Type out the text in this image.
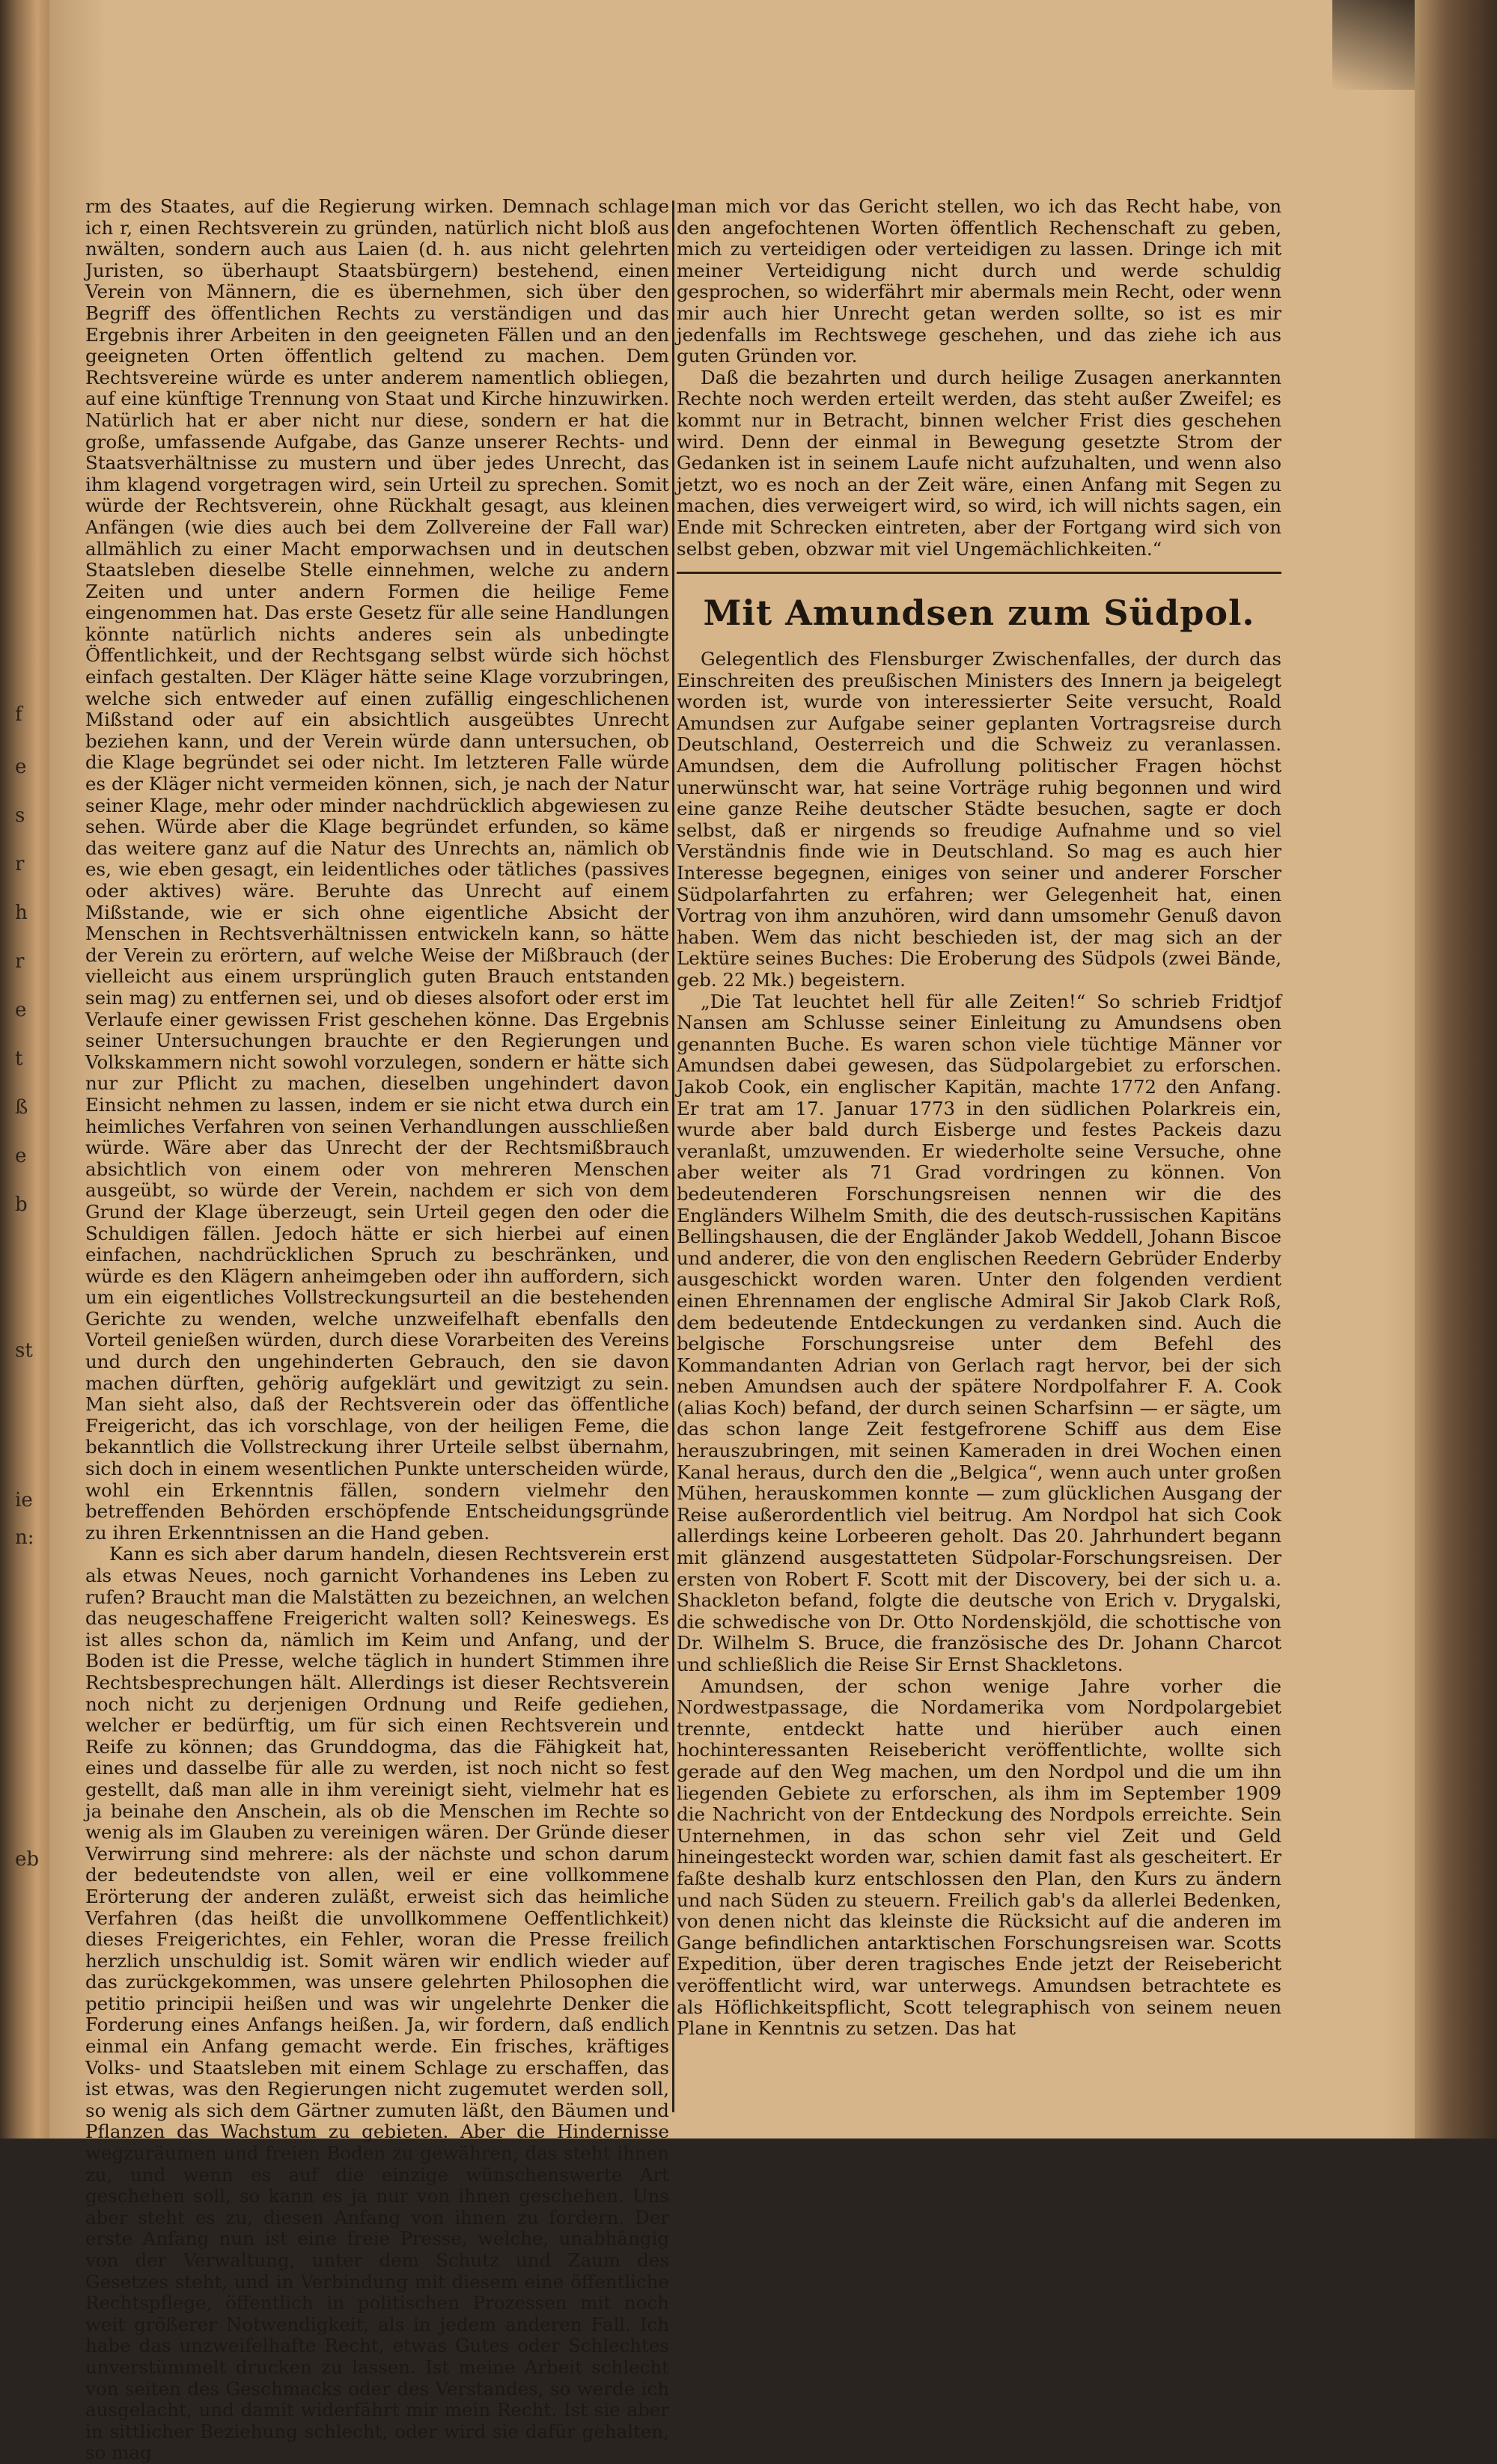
f
e
s
r
h
r
e
t
ß
e
b
st
ie
n:
eb

rm des Staates, auf die Regierung wirken. Demnach schlage ich r, einen Rechtsverein zu gründen, natürlich nicht bloß aus nwälten, sondern auch aus Laien (d. h. aus nicht gelehrten Juristen, so überhaupt Staatsbürgern) bestehend, einen Verein von Männern, die es übernehmen, sich über den Begriff des öffentlichen Rechts zu verständigen und das Ergebnis ihrer Arbeiten in den geeigneten Fällen und an den geeigneten Orten öffentlich geltend zu machen. Dem Rechtsvereine würde es unter anderem namentlich obliegen, auf eine künftige Trennung von Staat und Kirche hinzuwirken. Natürlich hat er aber nicht nur diese, sondern er hat die große, umfassende Aufgabe, das Ganze unserer Rechts- und Staatsverhältnisse zu mustern und über jedes Unrecht, das ihm klagend vorgetragen wird, sein Urteil zu sprechen. Somit würde der Rechtsverein, ohne Rückhalt gesagt, aus kleinen Anfängen (wie dies auch bei dem Zollvereine der Fall war) allmählich zu einer Macht emporwachsen und in deutschen Staatsleben dieselbe Stelle einnehmen, welche zu andern Zeiten und unter andern Formen die heilige Feme eingenommen hat. Das erste Gesetz für alle seine Handlungen könnte natürlich nichts anderes sein als unbedingte Öffentlichkeit, und der Rechtsgang selbst würde sich höchst einfach gestalten. Der Kläger hätte seine Klage vorzubringen, welche sich entweder auf einen zufällig eingeschlichenen Mißstand oder auf ein absichtlich ausgeübtes Unrecht beziehen kann, und der Verein würde dann untersuchen, ob die Klage begründet sei oder nicht. Im letzteren Falle würde es der Kläger nicht vermeiden können, sich, je nach der Natur seiner Klage, mehr oder minder nachdrücklich abgewiesen zu sehen. Würde aber die Klage begründet erfunden, so käme das weitere ganz auf die Natur des Unrechts an, nämlich ob es, wie eben gesagt, ein leidentliches oder tätliches (passives oder aktives) wäre. Beruhte das Unrecht auf einem Mißstande, wie er sich ohne eigentliche Absicht der Menschen in Rechtsverhältnissen entwickeln kann, so hätte der Verein zu erörtern, auf welche Weise der Mißbrauch (der vielleicht aus einem ursprünglich guten Brauch entstanden sein mag) zu entfernen sei, und ob dieses alsofort oder erst im Verlaufe einer gewissen Frist geschehen könne. Das Ergebnis seiner Untersuchungen brauchte er den Regierungen und Volkskammern nicht sowohl vorzulegen, sondern er hätte sich nur zur Pflicht zu machen, dieselben ungehindert davon Einsicht nehmen zu lassen, indem er sie nicht etwa durch ein heimliches Verfahren von seinen Verhandlungen ausschließen würde. Wäre aber das Unrecht der der Rechtsmißbrauch absichtlich von einem oder von mehreren Menschen ausgeübt, so würde der Verein, nachdem er sich von dem Grund der Klage überzeugt, sein Urteil gegen den oder die Schuldigen fällen. Jedoch hätte er sich hierbei auf einen einfachen, nachdrücklichen Spruch zu beschränken, und würde es den Klägern anheimgeben oder ihn auffordern, sich um ein eigentliches Vollstreckungsurteil an die bestehenden Gerichte zu wenden, welche unzweifelhaft ebenfalls den Vorteil genießen würden, durch diese Vorarbeiten des Vereins und durch den ungehinderten Gebrauch, den sie davon machen dürften, gehörig aufgeklärt und gewitzigt zu sein. Man sieht also, daß der Rechtsverein oder das öffentliche Freigericht, das ich vorschlage, von der heiligen Feme, die bekanntlich die Vollstreckung ihrer Urteile selbst übernahm, sich doch in einem wesentlichen Punkte unterscheiden würde, wohl ein Erkenntnis fällen, sondern vielmehr den betreffenden Behörden erschöpfende Entscheidungsgründe zu ihren Erkenntnissen an die Hand geben.

Kann es sich aber darum handeln, diesen Rechtsverein erst als etwas Neues, noch garnicht Vorhandenes ins Leben zu rufen? Braucht man die Malstätten zu bezeichnen, an welchen das neugeschaffene Freigericht walten soll? Keineswegs. Es ist alles schon da, nämlich im Keim und Anfang, und der Boden ist die Presse, welche täglich in hundert Stimmen ihre Rechtsbesprechungen hält. Allerdings ist dieser Rechtsverein noch nicht zu derjenigen Ordnung und Reife gediehen, welcher er bedürftig, um für sich einen Rechtsverein und Reife zu können; das Grunddogma, das die Fähigkeit hat, eines und dasselbe für alle zu werden, ist noch nicht so fest gestellt, daß man alle in ihm vereinigt sieht, vielmehr hat es ja beinahe den Anschein, als ob die Menschen im Rechte so wenig als im Glauben zu vereinigen wären. Der Gründe dieser Verwirrung sind mehrere: als der nächste und schon darum der bedeutendste von allen, weil er eine vollkommene Erörterung der anderen zuläßt, erweist sich das heimliche Verfahren (das heißt die unvollkommene Oeffentlichkeit) dieses Freigerichtes, ein Fehler, woran die Presse freilich herzlich unschuldig ist. Somit wären wir endlich wieder auf das zurückgekommen, was unsere gelehrten Philosophen die petitio principii heißen und was wir ungelehrte Denker die Forderung eines Anfangs heißen. Ja, wir fordern, daß endlich einmal ein Anfang gemacht werde. Ein frisches, kräftiges Volks- und Staatsleben mit einem Schlage zu erschaffen, das ist etwas, was den Regierungen nicht zugemutet werden soll, so wenig als sich dem Gärtner zumuten läßt, den Bäumen und Pflanzen das Wachstum zu gebieten. Aber die Hindernisse wegzuräumen und freien Boden zu gewähren, das steht ihnen zu, und wenn es auf die einzige wünschenswerte Art geschehen soll, so kann es ja nur von ihnen geschehen. Uns aber steht es zu, diesen Anfang von ihnen zu fordern. Der erste Anfang nun ist eine freie Presse, welche, unabhängig von der Verwaltung, unter dem Schutz und Zaum des Gesetzes steht, und in Verbindung mit diesem eine öffentliche Rechtspflege, öffentlich in politischen Prozessen mit noch weit größerer Notwendigkeit, als in jedem anderen Fall. Ich habe das unzweifelhafte Recht, etwas Gutes oder Schlechtes unverstümmelt drucken zu lassen. Ist meine Arbeit schlecht von seiten des Geschmacks oder des Verstandes, so werde ich ausgelacht, und damit widerfährt mir mein Recht. Ist sie aber in sittlicher Beziehung schlecht, oder wird sie dafür gehalten, so mag

man mich vor das Gericht stellen, wo ich das Recht habe, von den angefochtenen Worten öffentlich Rechenschaft zu geben, mich zu verteidigen oder verteidigen zu lassen. Dringe ich mit meiner Verteidigung nicht durch und werde schuldig gesprochen, so widerfährt mir abermals mein Recht, oder wenn mir auch hier Unrecht getan werden sollte, so ist es mir jedenfalls im Rechtswege geschehen, und das ziehe ich aus guten Gründen vor.

Daß die bezahrten und durch heilige Zusagen anerkannten Rechte noch werden erteilt werden, das steht außer Zweifel; es kommt nur in Betracht, binnen welcher Frist dies geschehen wird. Denn der einmal in Bewegung gesetzte Strom der Gedanken ist in seinem Laufe nicht aufzuhalten, und wenn also jetzt, wo es noch an der Zeit wäre, einen Anfang mit Segen zu machen, dies verweigert wird, so wird, ich will nichts sagen, ein Ende mit Schrecken eintreten, aber der Fortgang wird sich von selbst geben, obzwar mit viel Ungemächlichkeiten.“

Mit Amundsen zum Südpol.

Gelegentlich des Flensburger Zwischenfalles, der durch das Einschreiten des preußischen Ministers des Innern ja beigelegt worden ist, wurde von interessierter Seite versucht, Roald Amundsen zur Aufgabe seiner geplanten Vortragsreise durch Deutschland, Oesterreich und die Schweiz zu veranlassen. Amundsen, dem die Aufrollung politischer Fragen höchst unerwünscht war, hat seine Vorträge ruhig begonnen und wird eine ganze Reihe deutscher Städte besuchen, sagte er doch selbst, daß er nirgends so freudige Aufnahme und so viel Verständnis finde wie in Deutschland. So mag es auch hier Interesse begegnen, einiges von seiner und anderer Forscher Südpolarfahrten zu erfahren; wer Gelegenheit hat, einen Vortrag von ihm anzuhören, wird dann umsomehr Genuß davon haben. Wem das nicht beschieden ist, der mag sich an der Lektüre seines Buches: Die Eroberung des Südpols (zwei Bände, geb. 22 Mk.) begeistern.

„Die Tat leuchtet hell für alle Zeiten!“ So schrieb Fridtjof Nansen am Schlusse seiner Einleitung zu Amundsens oben genannten Buche. Es waren schon viele tüchtige Männer vor Amundsen dabei gewesen, das Südpolargebiet zu erforschen. Jakob Cook, ein englischer Kapitän, machte 1772 den Anfang. Er trat am 17. Januar 1773 in den südlichen Polarkreis ein, wurde aber bald durch Eisberge und festes Packeis dazu veranlaßt, umzuwenden. Er wiederholte seine Versuche, ohne aber weiter als 71 Grad vordringen zu können. Von bedeutenderen Forschungsreisen nennen wir die des Engländers Wilhelm Smith, die des deutsch-russischen Kapitäns Bellingshausen, die der Engländer Jakob Weddell, Johann Biscoe und anderer, die von den englischen Reedern Gebrüder Enderby ausgeschickt worden waren. Unter den folgenden verdient einen Ehrennamen der englische Admiral Sir Jakob Clark Roß, dem bedeutende Entdeckungen zu verdanken sind. Auch die belgische Forschungsreise unter dem Befehl des Kommandanten Adrian von Gerlach ragt hervor, bei der sich neben Amundsen auch der spätere Nordpolfahrer F. A. Cook (alias Koch) befand, der durch seinen Scharfsinn — er sägte, um das schon lange Zeit festgefrorene Schiff aus dem Eise herauszubringen, mit seinen Kameraden in drei Wochen einen Kanal heraus, durch den die „Belgica“, wenn auch unter großen Mühen, herauskommen konnte — zum glücklichen Ausgang der Reise außerordentlich viel beitrug. Am Nordpol hat sich Cook allerdings keine Lorbeeren geholt. Das 20. Jahrhundert begann mit glänzend ausgestatteten Südpolar-Forschungsreisen. Der ersten von Robert F. Scott mit der Discovery, bei der sich u. a. Shackleton befand, folgte die deutsche von Erich v. Drygalski, die schwedische von Dr. Otto Nordenskjöld, die schottische von Dr. Wilhelm S. Bruce, die französische des Dr. Johann Charcot und schließlich die Reise Sir Ernst Shackletons.

Amundsen, der schon wenige Jahre vorher die Nordwestpassage, die Nordamerika vom Nordpolargebiet trennte, entdeckt hatte und hierüber auch einen hochinteressanten Reisebericht veröffentlichte, wollte sich gerade auf den Weg machen, um den Nordpol und die um ihn liegenden Gebiete zu erforschen, als ihm im September 1909 die Nachricht von der Entdeckung des Nordpols erreichte. Sein Unternehmen, in das schon sehr viel Zeit und Geld hineingesteckt worden war, schien damit fast als gescheitert. Er faßte deshalb kurz entschlossen den Plan, den Kurs zu ändern und nach Süden zu steuern. Freilich gab's da allerlei Bedenken, von denen nicht das kleinste die Rücksicht auf die anderen im Gange befindlichen antarktischen Forschungsreisen war. Scotts Expedition, über deren tragisches Ende jetzt der Reisebericht veröffentlicht wird, war unterwegs. Amundsen betrachtete es als Höflichkeitspflicht, Scott telegraphisch von seinem neuen Plane in Kenntnis zu setzen. Das hat
